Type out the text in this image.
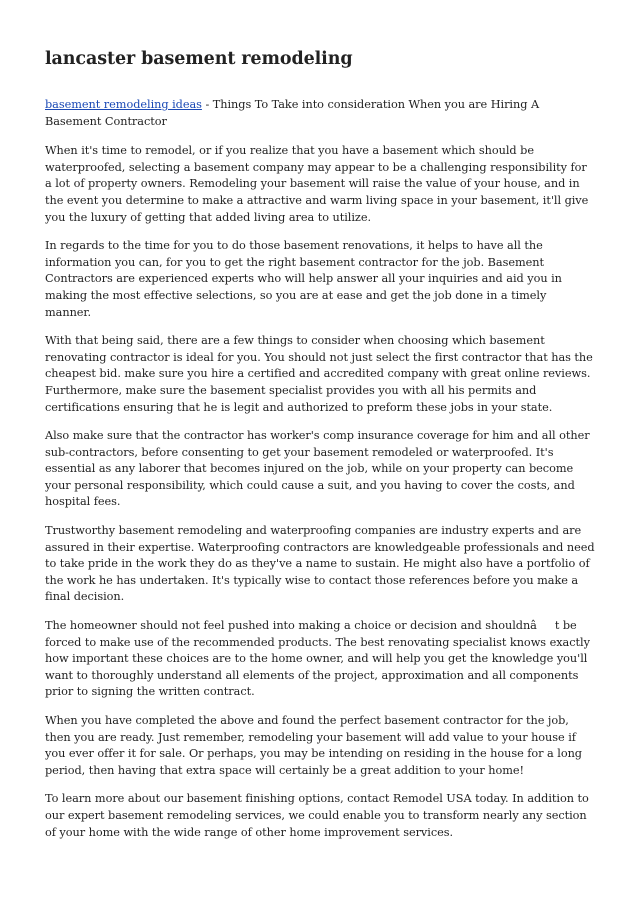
lancaster basement remodeling

basement remodeling ideas - Things To Take into consideration When you are Hiring A Basement Contractor

When it's time to remodel, or if you realize that you have a basement which should be waterproofed, selecting a basement company may appear to be a challenging responsibility for a lot of property owners. Remodeling your basement will raise the value of your house, and in the event you determine to make a attractive and warm living space in your basement, it'll give you the luxury of getting that added living area to utilize.

In regards to the time for you to do those basement renovations, it helps to have all the information you can, for you to get the right basement contractor for the job. Basement Contractors are experienced experts who will help answer all your inquiries and aid you in making the most effective selections, so you are at ease and get the job done in a timely manner.

With that being said, there are a few things to consider when choosing which basement renovating contractor is ideal for you. You should not just select the first contractor that has the cheapest bid. make sure you hire a certified and accredited company with great online reviews. Furthermore, make sure the basement specialist provides you with all his permits and certifications ensuring that he is legit and authorized to preform these jobs in your state.

Also make sure that the contractor has worker's comp insurance coverage for him and all other sub-contractors, before consenting to get your basement remodeled or waterproofed. It's essential as any laborer that becomes injured on the job, while on your property can become your personal responsibility, which could cause a suit, and you having to cover the costs, and hospital fees.

Trustworthy basement remodeling and waterproofing companies are industry experts and are assured in their expertise. Waterproofing contractors are knowledgeable professionals and need to take pride in the work they do as they've a name to sustain. He might also have a portfolio of the work he has undertaken. It's typically wise to contact those references before you make a final decision.

The homeowner should not feel pushed into making a choice or decision and shouldnât be forced to make use of the recommended products. The best renovating specialist knows exactly how important these choices are to the home owner, and will help you get the knowledge you'll want to thoroughly understand all elements of the project, approximation and all components prior to signing the written contract.

When you have completed the above and found the perfect basement contractor for the job, then you are ready. Just remember, remodeling your basement will add value to your house if you ever offer it for sale. Or perhaps, you may be intending on residing in the house for a long period, then having that extra space will certainly be a great addition to your home!

To learn more about our basement finishing options, contact Remodel USA today. In addition to our expert basement remodeling services, we could enable you to transform nearly any section of your home with the wide range of other home improvement services.
